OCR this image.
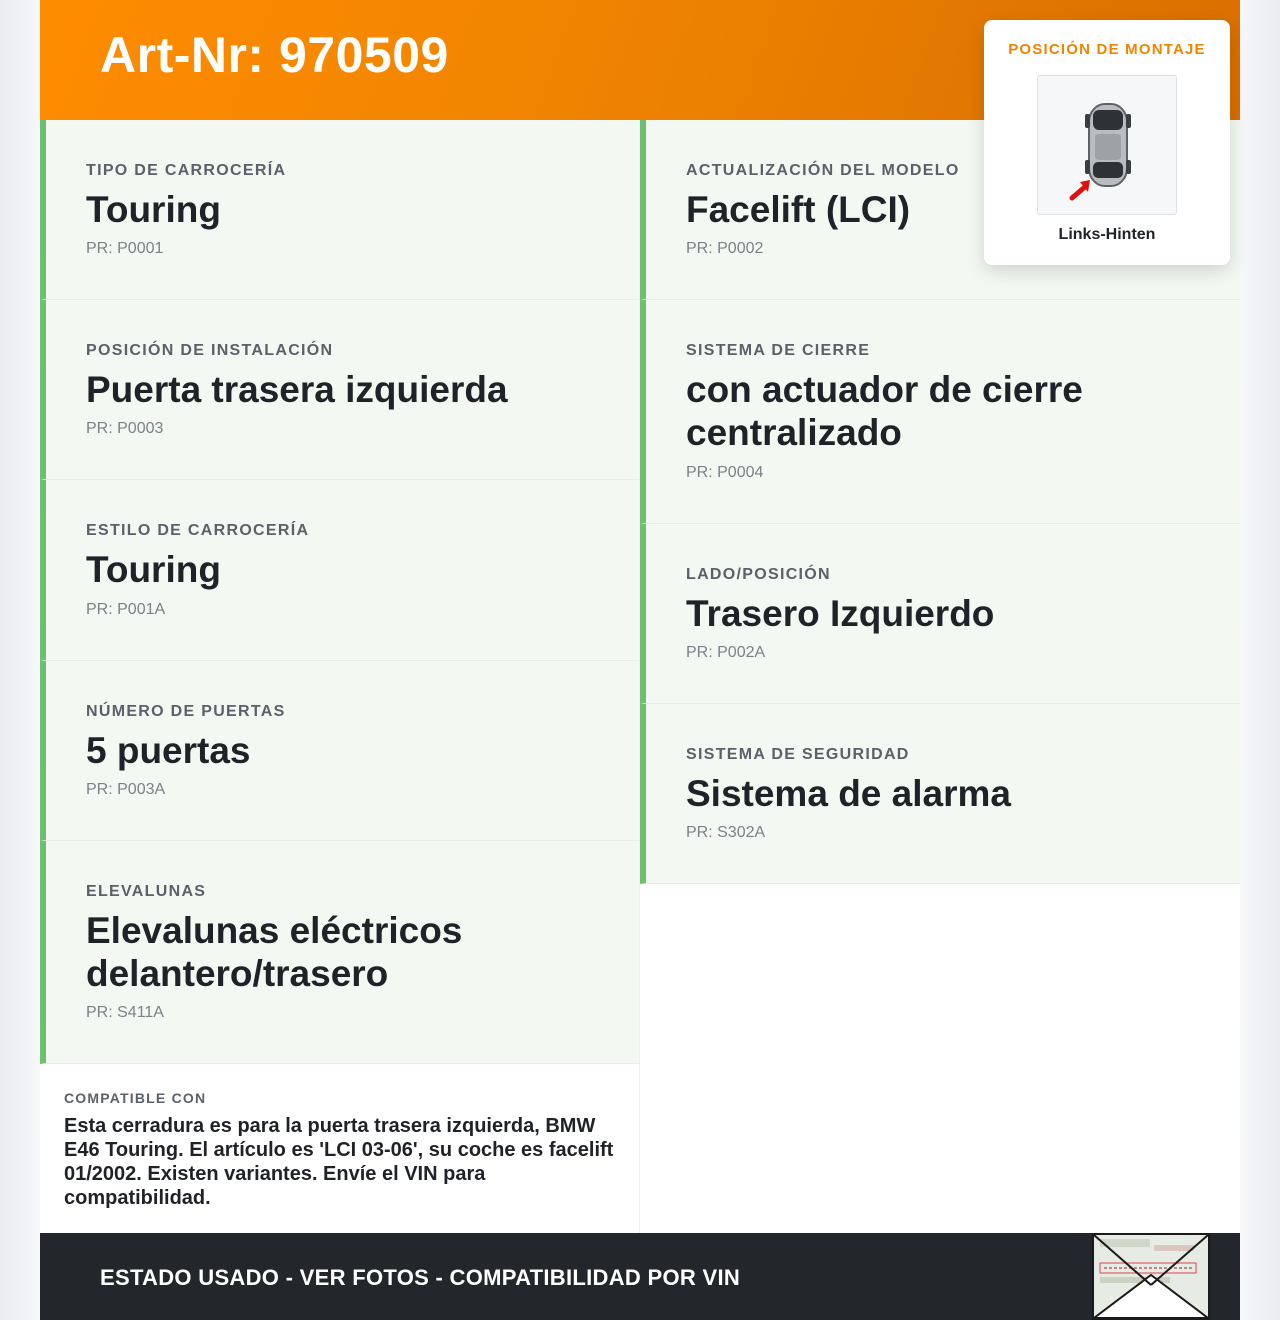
Art-Nr: 970509
TIPO DE CARROCERÍA
Touring
PR: P0001
POSICIÓN DE INSTALACIÓN
Puerta trasera izquierda
PR: P0003
ESTILO DE CARROCERÍA
Touring
PR: P001A
NÚMERO DE PUERTAS
5 puertas
PR: P003A
ELEVALUNAS
Elevalunas eléctricos delantero/trasero
PR: S411A
COMPATIBLE CON
Esta cerradura es para la puerta trasera izquierda, BMW E46 Touring. El artículo es 'LCI 03-06', su coche es facelift 01/2002. Existen variantes. Envíe el VIN para compatibilidad.
ACTUALIZACIÓN DEL MODELO
Facelift (LCI)
PR: P0002
SISTEMA DE CIERRE
con actuador de cierre centralizado
PR: P0004
LADO/POSICIÓN
Trasero Izquierdo
PR: P002A
SISTEMA DE SEGURIDAD
Sistema de alarma
PR: S302A
ESTADO USADO - VER FOTOS - COMPATIBILIDAD POR VIN
POSICIÓN DE MONTAJE
Links-Hinten
